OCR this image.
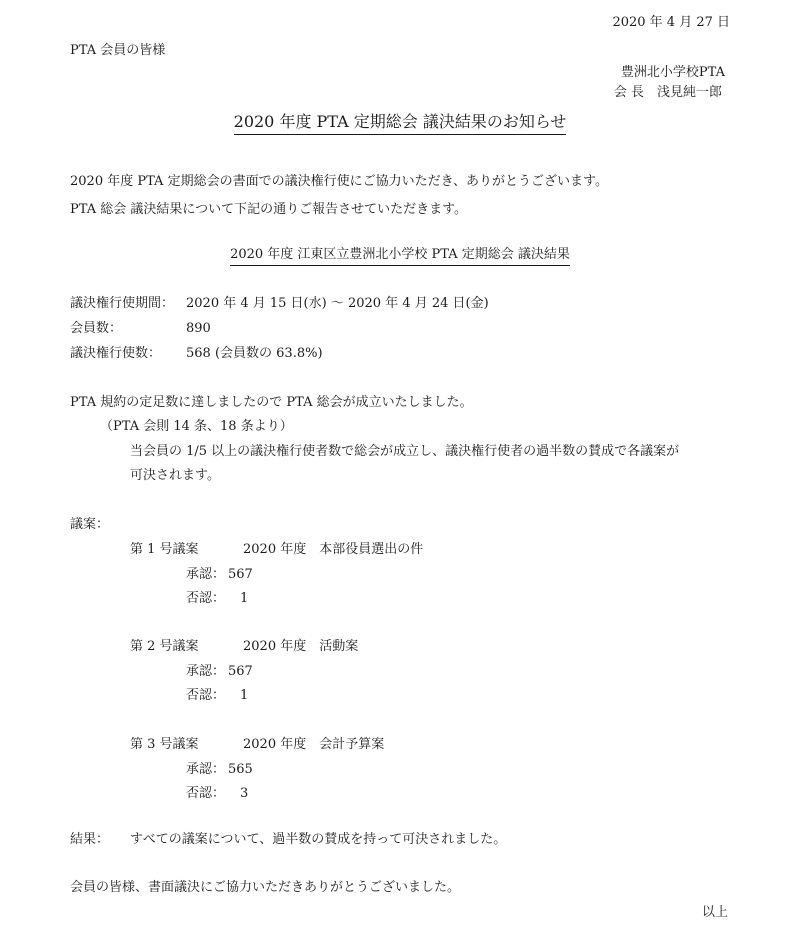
2020 年 4 月 27 日
PTA 会員の皆様
豊洲北小学校PTA
会 長　浅見純一郎
2020 年度 PTA 定期総会 議決結果のお知らせ
2020 年度 PTA 定期総会の書面での議決権行使にご協力いただき、ありがとうございます。
PTA 総会 議決結果について下記の通りご報告させていただきます。
2020 年度 江東区立豊洲北小学校 PTA 定期総会 議決結果
議決権行使期間： 2020 年 4 月 15 日(水) ～ 2020 年 4 月 24 日(金)
会員数：	890
議決権行使数： 568 (会員数の 63.8%)
PTA 規約の定足数に達しましたので PTA 総会が成立いたしました。
（PTA 会則 14 条、18 条より）
当会員の 1/5 以上の議決権行使者数で総会が成立し、議決権行使者の過半数の賛成で各議案が
可決されます。
議案：
第 1 号議案	2020 年度　本部役員選出の件
承認： 567
否認： 1
第 2 号議案	2020 年度　活動案
承認： 567
否認： 1
第 3 号議案	2020 年度　会計予算案
承認： 565
否認： 3
結果： すべての議案について、過半数の賛成を持って可決されました。
会員の皆様、書面議決にご協力いただきありがとうございました。
以上
